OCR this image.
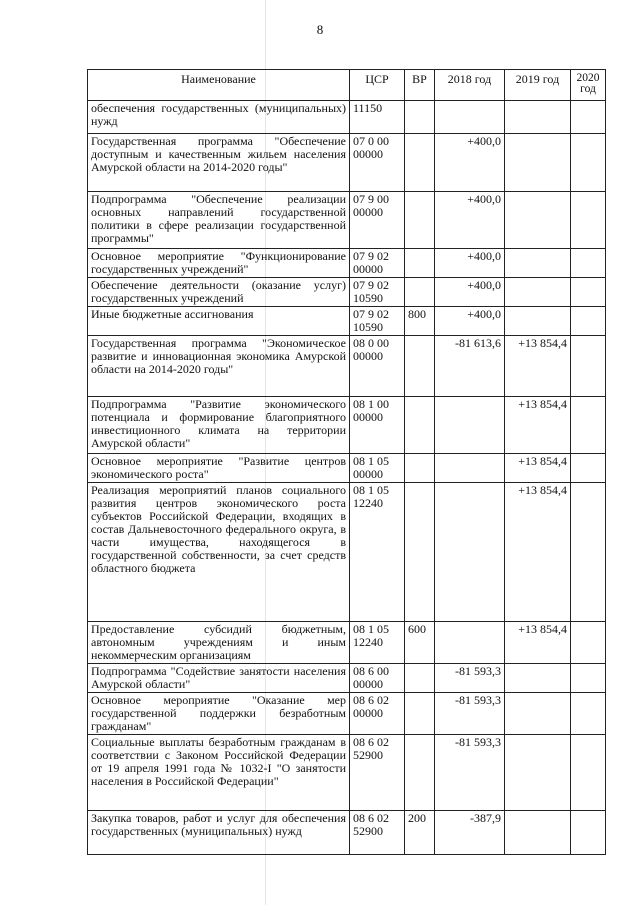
8
Наименование	ЦСР	ВР	2018 год	2019 год	2020 год
обеспечения государственных (муниципальных) нужд	11150				
Государственная программа "Обеспечение доступным и качественным жильем населения Амурской области на 2014-2020 годы"	07 0 00 00000		+400,0		
Подпрограмма "Обеспечение реализации основных направлений государственной политики в сфере реализации государственной программы"	07 9 00 00000		+400,0		
Основное мероприятие "Функционирование государственных учреждений"	07 9 02 00000		+400,0		
Обеспечение деятельности (оказание услуг) государственных учреждений	07 9 02 10590		+400,0		
Иные бюджетные ассигнования	07 9 02 10590	800	+400,0		
Государственная программа "Экономическое развитие и инновационная экономика Амурской области на 2014-2020 годы"	08 0 00 00000		-81 613,6	+13 854,4	
Подпрограмма "Развитие экономического потенциала и формирование благоприятного инвестиционного климата на территории Амурской области"	08 1 00 00000			+13 854,4	
Основное мероприятие "Развитие центров экономического роста"	08 1 05 00000			+13 854,4	
Реализация мероприятий планов социального развития центров экономического роста субъектов Российской Федерации, входящих в состав Дальневосточного федерального округа, в части имущества, находящегося в государственной собственности, за счет средств областного бюджета	08 1 05 12240			+13 854,4	
Предоставление субсидий бюджетным, автономным учреждениям и иным некоммерческим организациям	08 1 05 12240	600		+13 854,4	
Подпрограмма "Содействие занятости населения Амурской области"	08 6 00 00000		-81 593,3		
Основное мероприятие "Оказание мер государственной поддержки безработным гражданам"	08 6 02 00000		-81 593,3		
Социальные выплаты безработным гражданам в соответствии с Законом Российской Федерации от 19 апреля 1991 года № 1032-I "О занятости населения в Российской Федерации"	08 6 02 52900		-81 593,3		
Закупка товаров, работ и услуг для обеспечения государственных (муниципальных) нужд	08 6 02 52900	200	-387,9		
